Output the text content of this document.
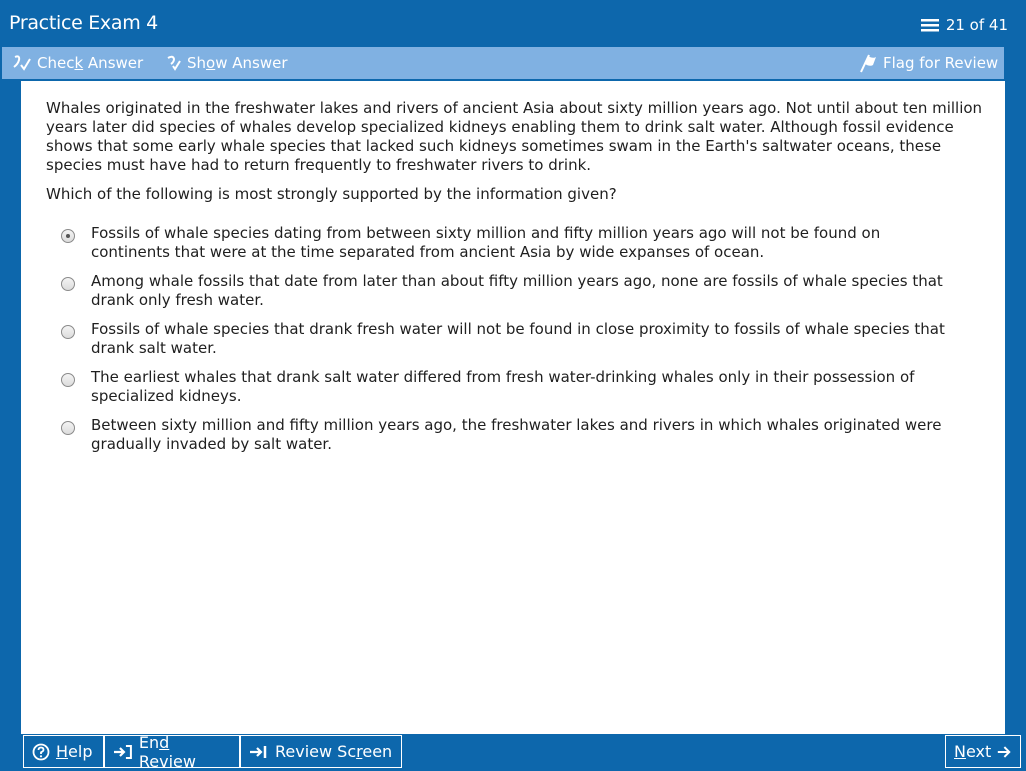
Practice Exam 4	21 of 41
Check Answer	Show Answer	Flag for Review

Whales originated in the freshwater lakes and rivers of ancient Asia about sixty million years ago. Not until about ten million years later did species of whales develop specialized kidneys enabling them to drink salt water. Although fossil evidence shows that some early whale species that lacked such kidneys sometimes swam in the Earth's saltwater oceans, these species must have had to return frequently to freshwater rivers to drink.

Which of the following is most strongly supported by the information given?

Fossils of whale species dating from between sixty million and fifty million years ago will not be found on continents that were at the time separated from ancient Asia by wide expanses of ocean.
Among whale fossils that date from later than about fifty million years ago, none are fossils of whale species that drank only fresh water.
Fossils of whale species that drank fresh water will not be found in close proximity to fossils of whale species that drank salt water.
The earliest whales that drank salt water differed from fresh water-drinking whales only in their possession of specialized kidneys.
Between sixty million and fifty million years ago, the freshwater lakes and rivers in which whales originated were gradually invaded by salt water.
Help	End Review	Review Screen	Next
